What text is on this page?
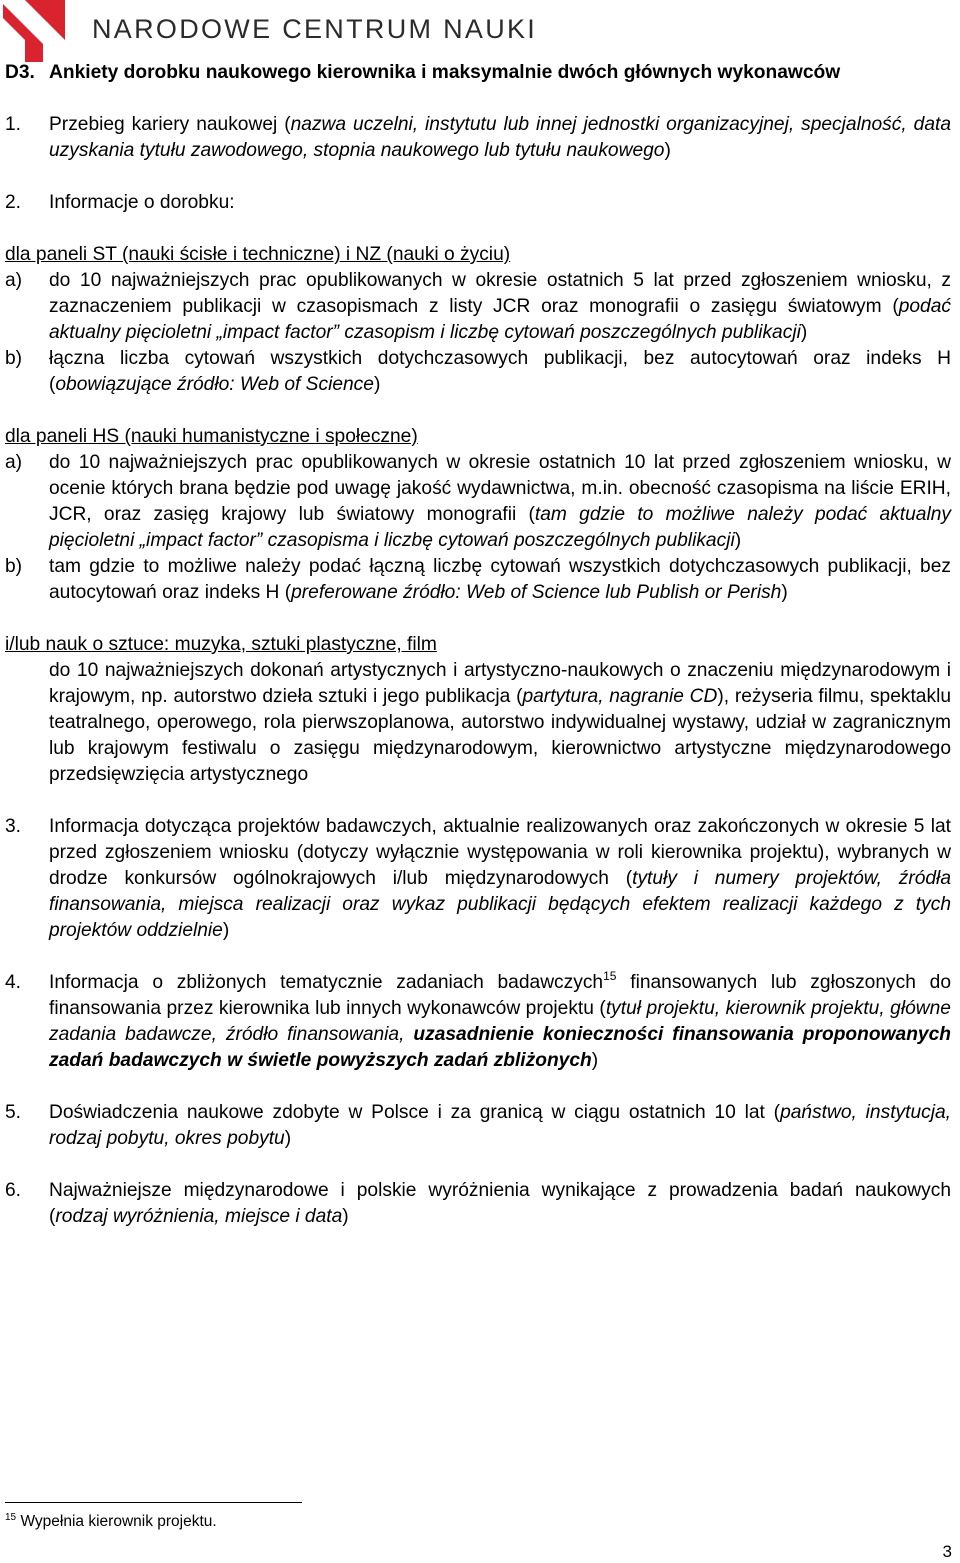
NARODOWE CENTRUM NAUKI
D3. Ankiety dorobku naukowego kierownika i maksymalnie dwóch głównych wykonawców
1.	Przebieg kariery naukowej (nazwa uczelni, instytutu lub innej jednostki organizacyjnej, specjalność, data uzyskania tytułu zawodowego, stopnia naukowego lub tytułu naukowego)
2.	Informacje o dorobku:
dla paneli ST (nauki ścisłe i techniczne) i NZ (nauki o życiu)
a)	do 10 najważniejszych prac opublikowanych w okresie ostatnich 5 lat przed zgłoszeniem wniosku, z zaznaczeniem publikacji w czasopismach z listy JCR oraz monografii o zasięgu światowym (podać aktualny pięcioletni „impact factor” czasopism i liczbę cytowań poszczególnych publikacji)
b)	łączna liczba cytowań wszystkich dotychczasowych publikacji, bez autocytowań oraz indeks H (obowiązujące źródło: Web of Science)
dla paneli HS (nauki humanistyczne i społeczne)
a)	do 10 najważniejszych prac opublikowanych w okresie ostatnich 10 lat przed zgłoszeniem wniosku, w ocenie których brana będzie pod uwagę jakość wydawnictwa, m.in. obecność czasopisma na liście ERIH, JCR, oraz zasięg krajowy lub światowy monografii (tam gdzie to możliwe należy podać aktualny pięcioletni „impact factor” czasopisma i liczbę cytowań poszczególnych publikacji)
b)	tam gdzie to możliwe należy podać łączną liczbę cytowań wszystkich dotychczasowych publikacji, bez autocytowań oraz indeks H (preferowane źródło: Web of Science lub Publish or Perish)
i/lub nauk o sztuce: muzyka, sztuki plastyczne, film
do 10 najważniejszych dokonań artystycznych i artystyczno-naukowych o znaczeniu międzynarodowym i krajowym, np. autorstwo dzieła sztuki i jego publikacja (partytura, nagranie CD), reżyseria filmu, spektaklu teatralnego, operowego, rola pierwszoplanowa, autorstwo indywidualnej wystawy, udział w zagranicznym lub krajowym festiwalu o zasięgu międzynarodowym, kierownictwo artystyczne międzynarodowego przedsięwzięcia artystycznego
3.	Informacja dotycząca projektów badawczych, aktualnie realizowanych oraz zakończonych w okresie 5 lat przed zgłoszeniem wniosku (dotyczy wyłącznie występowania w roli kierownika projektu), wybranych w drodze konkursów ogólnokrajowych i/lub międzynarodowych (tytuły i numery projektów, źródła finansowania, miejsca realizacji oraz wykaz publikacji będących efektem realizacji każdego z tych projektów oddzielnie)
4.	Informacja o zbliżonych tematycznie zadaniach badawczych$^{15}$ finansowanych lub zgłoszonych do finansowania przez kierownika lub innych wykonawców projektu (tytuł projektu, kierownik projektu, główne zadania badawcze, źródło finansowania, uzasadnienie konieczności finansowania proponowanych zadań badawczych w świetle powyższych zadań zbliżonych)
5.	Doświadczenia naukowe zdobyte w Polsce i za granicą w ciągu ostatnich 10 lat (państwo, instytucja, rodzaj pobytu, okres pobytu)
6.	Najważniejsze międzynarodowe i polskie wyróżnienia wynikające z prowadzenia badań naukowych (rodzaj wyróżnienia, miejsce i data)
$^{15}$ Wypełnia kierownik projektu.
3
